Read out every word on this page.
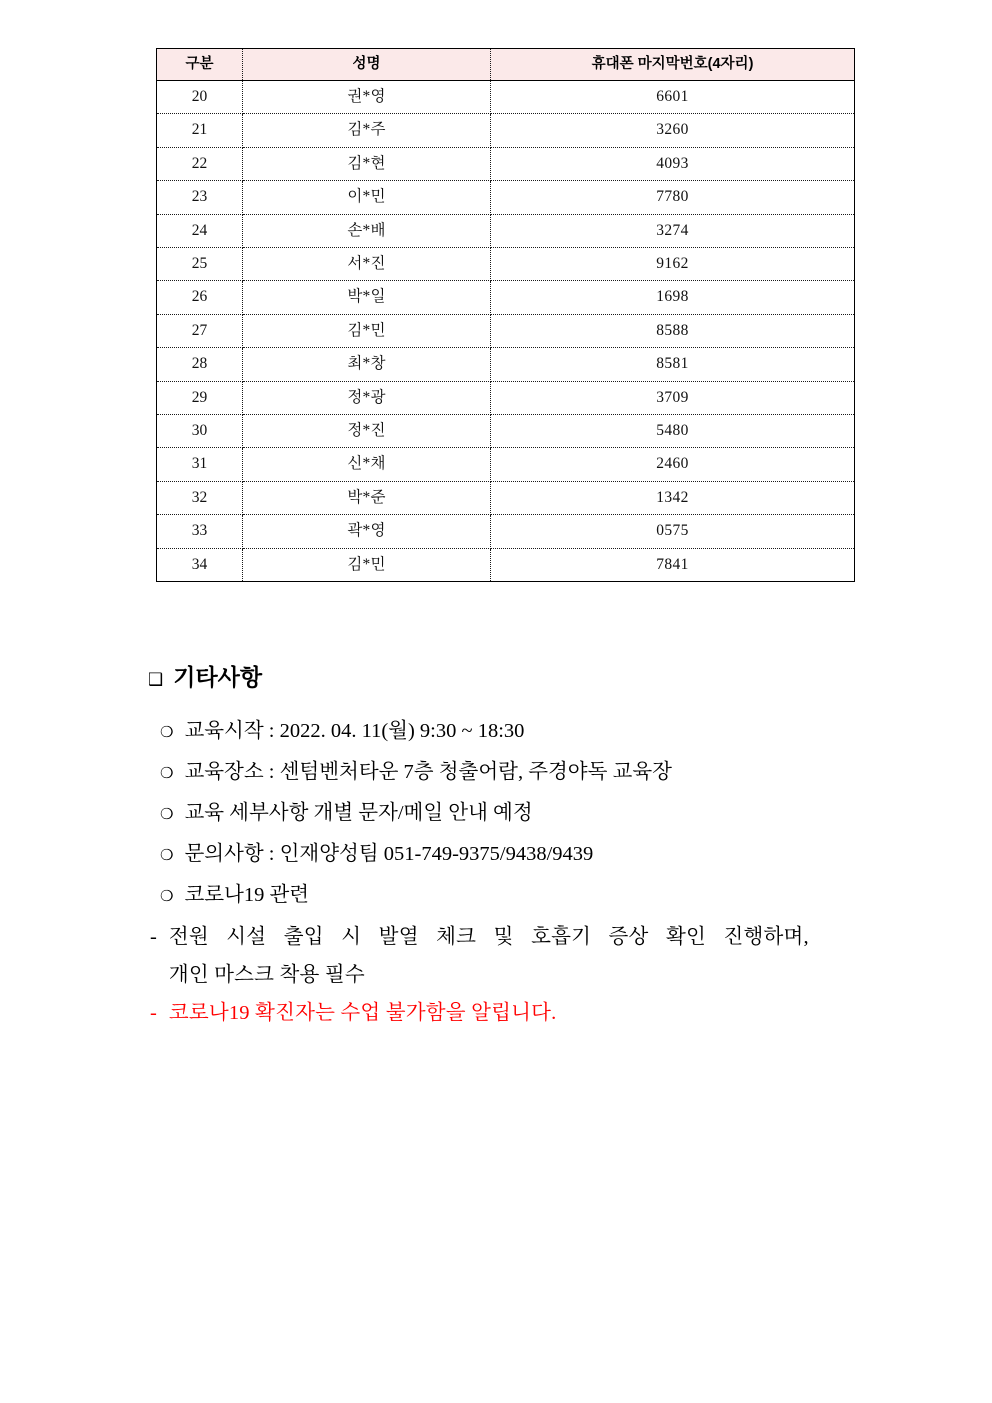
구분	성명	휴대폰 마지막번호(4자리)
20	권*영	6601
21	김*주	3260
22	김*현	4093
23	이*민	7780
24	손*배	3274
25	서*진	9162
26	박*일	1698
27	김*민	8588
28	최*창	8581
29	정*광	3709
30	정*진	5480
31	신*채	2460
32	박*준	1342
33	곽*영	0575
34	김*민	7841
❑ 기타사항
❍ 교육시작 : 2022. 04. 11(월) 9:30 ~ 18:30
❍ 교육장소 : 센텀벤처타운 7층 청출어람, 주경야독 교육장
❍ 교육 세부사항 개별 문자/메일 안내 예정
❍ 문의사항 : 인재양성팀 051-749-9375/9438/9439
❍ 코로나19 관련
- 전원 시설 출입 시 발열 체크 및 호흡기 증상 확인 진행하며,
개인 마스크 착용 필수
- 코로나19 확진자는 수업 불가함을 알립니다.
